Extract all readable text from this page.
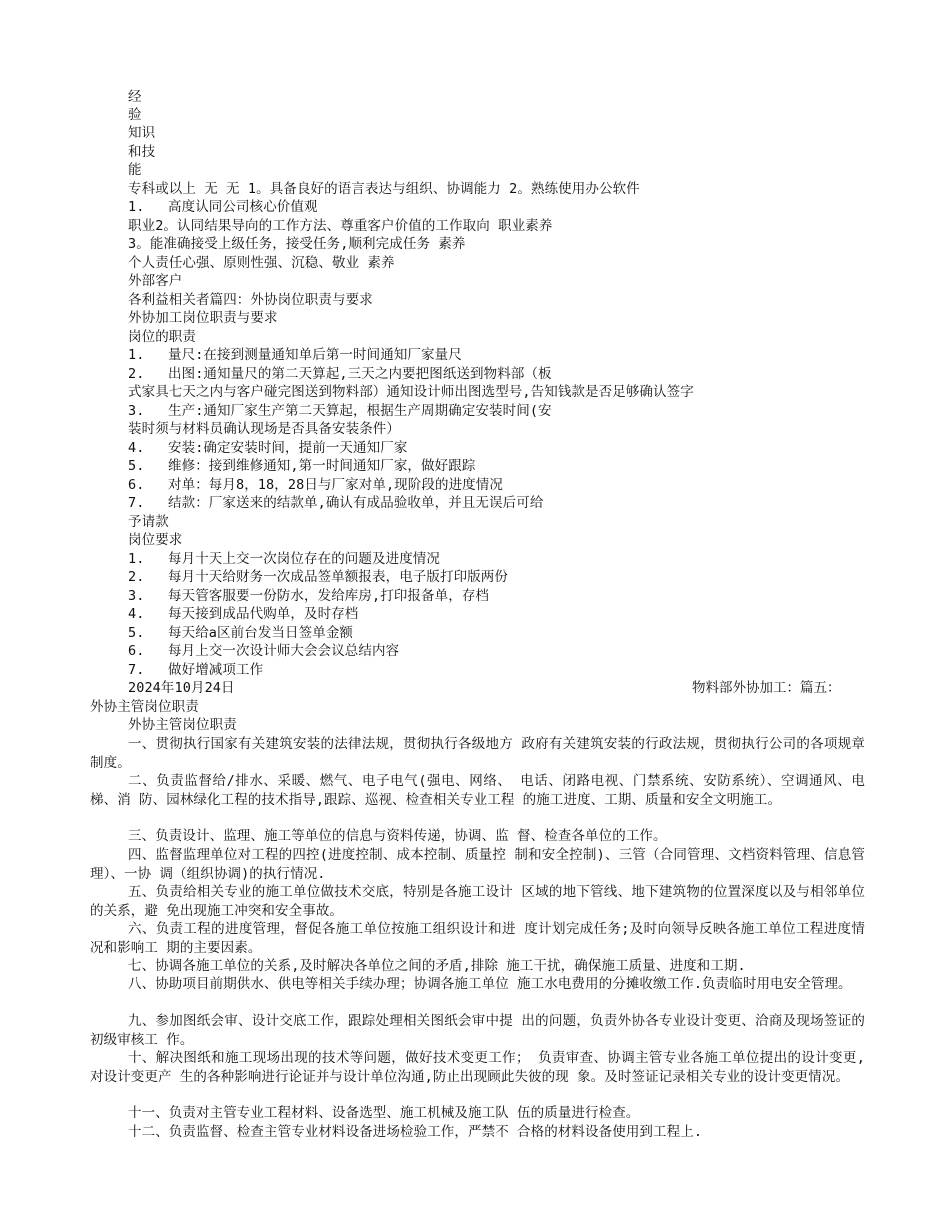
经
验
知识
和技
能
专科或以上 无 无 1。具备良好的语言表达与组织、协调能力 2。熟练使用办公软件
1. 高度认同公司核心价值观
职业2。认同结果导向的工作方法、尊重客户价值的工作取向 职业素养
3。能准确接受上级任务，接受任务,顺利完成任务 素养
个人责任心强、原则性强、沉稳、敬业 素养
外部客户
各利益相关者篇四：外协岗位职责与要求
外协加工岗位职责与要求
岗位的职责
1. 量尺:在接到测量通知单后第一时间通知厂家量尺
2. 出图:通知量尺的第二天算起,三天之内要把图纸送到物料部（板
式家具七天之内与客户碰完图送到物料部）通知设计师出图选型号,告知钱款是否足够确认签字
3. 生产:通知厂家生产第二天算起，根据生产周期确定安装时间(安
装时须与材料员确认现场是否具备安装条件）
4. 安装:确定安装时间，提前一天通知厂家
5. 维修：接到维修通知,第一时间通知厂家，做好跟踪
6. 对单：每月8，18，28日与厂家对单,现阶段的进度情况
7. 结款：厂家送来的结款单,确认有成品验收单，并且无误后可给
予请款
岗位要求
1. 每月十天上交一次岗位存在的问题及进度情况
2. 每月十天给财务一次成品签单额报表，电子版打印版两份
3. 每天管客服要一份防水，发给库房,打印报备单，存档
4. 每天接到成品代购单，及时存档
5. 每天给a区前台发当日签单金额
6. 每月上交一次设计师大会会议总结内容
7. 做好增减项工作
2024年10月24日	物料部外协加工：篇五：
外协主管岗位职责
外协主管岗位职责
一、贯彻执行国家有关建筑安装的法律法规，贯彻执行各级地方 政府有关建筑安装的行政法规，贯彻执行公司的各项规章制度。
二、负责监督给/排水、采暖、燃气、电子电气(强电、网络、 电话、闭路电视、门禁系统、安防系统）、空调通风、电梯、消 防、园林绿化工程的技术指导,跟踪、巡视、检查相关专业工程 的施工进度、工期、质量和安全文明施工。
三、负责设计、监理、施工等单位的信息与资料传递，协调、监 督、检查各单位的工作。
四、监督监理单位对工程的四控(进度控制、成本控制、质量控 制和安全控制)、三管（合同管理、文档资料管理、信息管理）、一协 调（组织协调)的执行情况.
五、负责给相关专业的施工单位做技术交底，特别是各施工设计 区域的地下管线、地下建筑物的位置深度以及与相邻单位的关系，避 免出现施工冲突和安全事故。
六、负责工程的进度管理，督促各施工单位按施工组织设计和进 度计划完成任务;及时向领导反映各施工单位工程进度情况和影响工 期的主要因素。
七、协调各施工单位的关系,及时解决各单位之间的矛盾,排除 施工干扰，确保施工质量、进度和工期.
八、协助项目前期供水、供电等相关手续办理；协调各施工单位 施工水电费用的分摊收缴工作.负责临时用电安全管理。
九、参加图纸会审、设计交底工作，跟踪处理相关图纸会审中提 出的问题，负责外协各专业设计变更、洽商及现场签证的初级审核工 作。
十、解决图纸和施工现场出现的技术等问题，做好技术变更工作； 负责审查、协调主管专业各施工单位提出的设计变更,对设计变更产 生的各种影响进行论证并与设计单位沟通,防止出现顾此失彼的现 象。及时签证记录相关专业的设计变更情况。
十一、负责对主管专业工程材料、设备选型、施工机械及施工队 伍的质量进行检查。
十二、负责监督、检查主管专业材料设备进场检验工作，严禁不 合格的材料设备使用到工程上.
